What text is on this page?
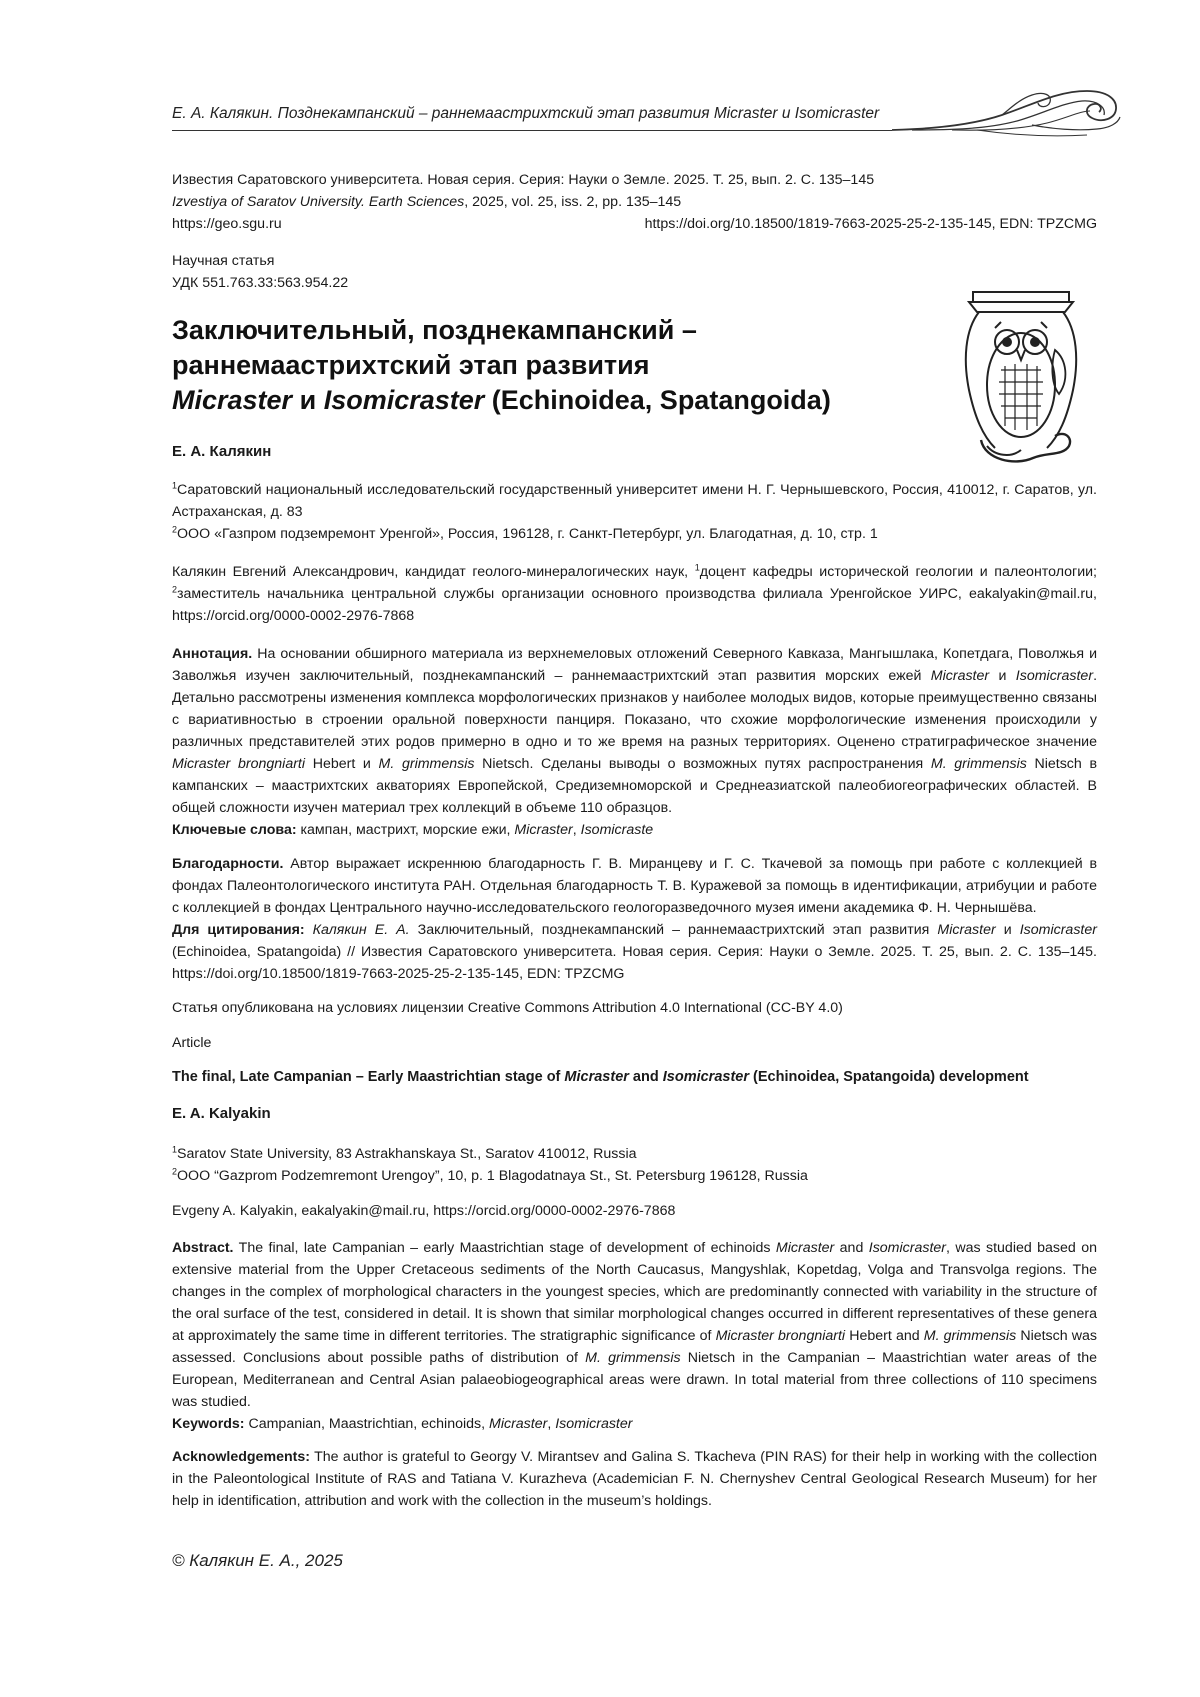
Е. А. Калякин. Позднекампанский – раннемаастрихтский этап развития Micraster и Isomicraster
Известия Саратовского университета. Новая серия. Серия: Науки о Земле. 2025. Т. 25, вып. 2. С. 135–145
Izvestiya of Saratov University. Earth Sciences, 2025, vol. 25, iss. 2, pp. 135–145
https://geo.sgu.ru	https://doi.org/10.18500/1819-7663-2025-25-2-135-145, EDN: TPZCMG
Научная статья
УДК 551.763.33:563.954.22
Заключительный, позднекампанский –
раннемаастрихтский этап развития
Micraster и Isomicraster (Echinoidea, Spatangoida)
Е. А. Калякин
$^1$Саратовский национальный исследовательский государственный университет имени Н. Г. Чернышевского, Россия, 410012, г. Саратов, ул. Астраханская, д. 83
$^2$ООО «Газпром подземремонт Уренгой», Россия, 196128, г. Санкт-Петербург, ул. Благодатная, д. 10, стр. 1
Калякин Евгений Александрович, кандидат геолого-минералогических наук, $^1$доцент кафедры исторической геологии и палеонтологии; $^2$заместитель начальника центральной службы организации основного производства филиала Уренгойское УИРС, eakalyakin@mail.ru, https://orcid.org/0000-0002-2976-7868
Аннотация. На основании обширного материала из верхнемеловых отложений Северного Кавказа, Мангышлака, Копетдага, Поволжья и Заволжья изучен заключительный, позднекампанский – раннемаастрихтский этап развития морских ежей Micraster и Isomicraster. Детально рассмотрены изменения комплекса морфологических признаков у наиболее молодых видов, которые преимущественно связаны с вариативностью в строении оральной поверхности панциря. Показано, что схожие морфологические изменения происходили у различных представителей этих родов примерно в одно и то же время на разных территориях. Оценено стратиграфическое значение Micraster brongniarti Hebert и M. grimmensis Nietsch. Сделаны выводы о возможных путях распространения M. grimmensis Nietsch в кампанских – маастрихтских акваториях Европейской, Средиземноморской и Среднеазиатской палеобиогеографических областей. В общей сложности изучен материал трех коллекций в объеме 110 образцов.
Ключевые слова: кампан, мастрихт, морские ежи, Micraster, Isomicraste
Благодарности. Автор выражает искреннюю благодарность Г. В. Миранцеву и Г. С. Ткачевой за помощь при работе с коллекцией в фондах Палеонтологического института РАН. Отдельная благодарность Т. В. Куражевой за помощь в идентификации, атрибуции и работе с коллекцией в фондах Центрального научно-исследовательского геологоразведочного музея имени академика Ф. Н. Чернышёва.
Для цитирования: Калякин Е. А. Заключительный, позднекампанский – раннемаастрихтский этап развития Micraster и Isomicraster (Echinoidea, Spatangoida) // Известия Саратовского университета. Новая серия. Серия: Науки о Земле. 2025. Т. 25, вып. 2. С. 135–145. https://doi.org/10.18500/1819-7663-2025-25-2-135-145, EDN: TPZCMG
Статья опубликована на условиях лицензии Creative Commons Attribution 4.0 International (CC-BY 4.0)
Article
The final, Late Campanian – Early Maastrichtian stage of Micraster and Isomicraster (Echinoidea, Spatangoida) development
E. A. Kalyakin
$^1$Saratov State University, 83 Astrakhanskaya St., Saratov 410012, Russia
$^2$OOO “Gazprom Podzemremont Urengoy”, 10, p. 1 Blagodatnaya St., St. Petersburg 196128, Russia
Evgeny A. Kalyakin, eakalyakin@mail.ru, https://orcid.org/0000-0002-2976-7868
Abstract. The final, late Campanian – early Maastrichtian stage of development of echinoids Micraster and Isomicraster, was studied based on extensive material from the Upper Cretaceous sediments of the North Caucasus, Mangyshlak, Kopetdag, Volga and Transvolga regions. The changes in the complex of morphological characters in the youngest species, which are predominantly connected with variability in the structure of the oral surface of the test, considered in detail. It is shown that similar morphological changes occurred in different representatives of these genera at approximately the same time in different territories. The stratigraphic significance of Micraster brongniarti Hebert and M. grimmensis Nietsch was assessed. Conclusions about possible paths of distribution of M. grimmensis Nietsch in the Campanian – Maastrichtian water areas of the European, Mediterranean and Central Asian palaeobiogeographical areas were drawn. In total material from three collections of 110 specimens was studied.
Keywords: Campanian, Maastrichtian, echinoids, Micraster, Isomicraster
Acknowledgements: The author is grateful to Georgy V. Mirantsev and Galina S. Tkacheva (PIN RAS) for their help in working with the collection in the Paleontological Institute of RAS and Tatiana V. Kurazheva (Academician F. N. Chernyshev Central Geological Research Museum) for her help in identification, attribution and work with the collection in the museum’s holdings.
© Калякин Е. А., 2025
